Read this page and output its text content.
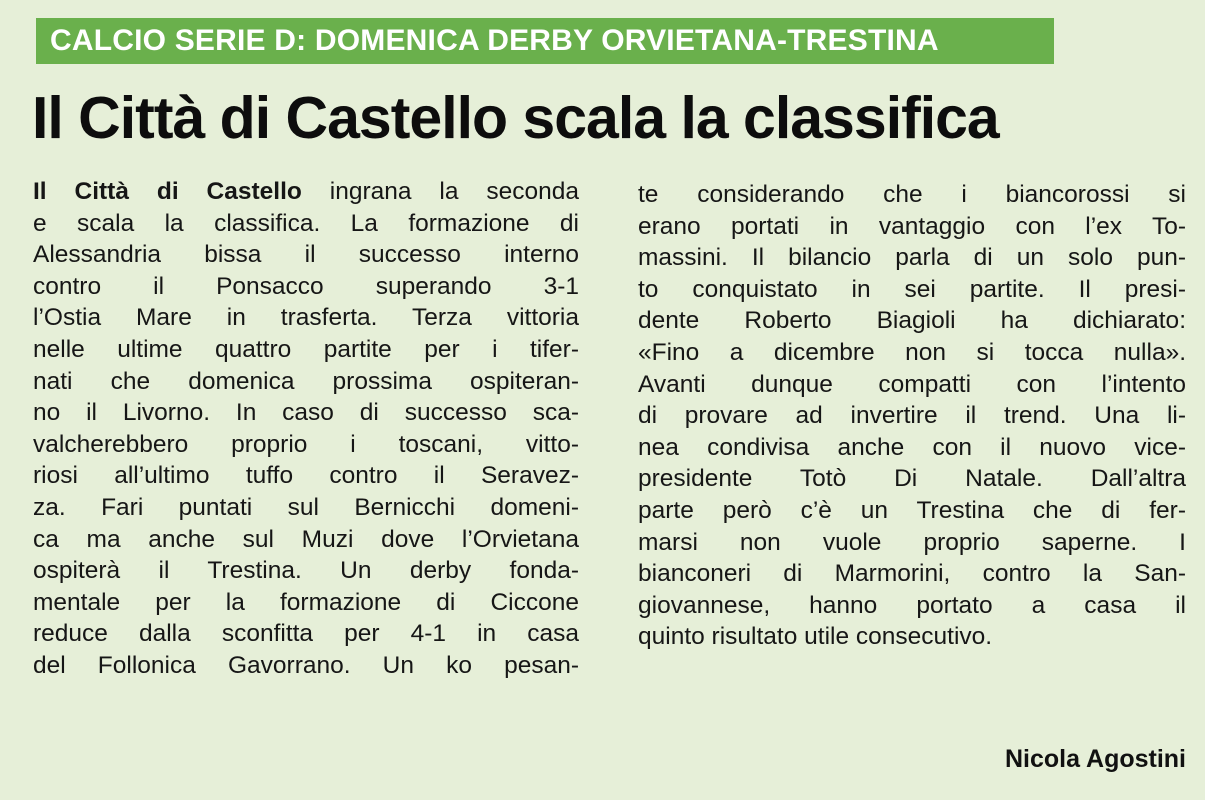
CALCIO SERIE D: DOMENICA DERBY ORVIETANA-TRESTINA
Il Città di Castello scala la classifica
Il Città di Castello ingrana la seconda
e scala la classifica. La formazione di
Alessandria bissa il successo interno
contro il Ponsacco superando 3-1
l’Ostia Mare in trasferta. Terza vittoria
nelle ultime quattro partite per i tifer-
nati che domenica prossima ospiteran-
no il Livorno. In caso di successo sca-
valcherebbero proprio i toscani, vitto-
riosi all’ultimo tuffo contro il Seravez-
za. Fari puntati sul Bernicchi domeni-
ca ma anche sul Muzi dove l’Orvietana
ospiterà il Trestina. Un derby fonda-
mentale per la formazione di Ciccone
reduce dalla sconfitta per 4-1 in casa
del Follonica Gavorrano. Un ko pesan-
te considerando che i biancorossi si
erano portati in vantaggio con l’ex To-
massini. Il bilancio parla di un solo pun-
to conquistato in sei partite. Il presi-
dente Roberto Biagioli ha dichiarato:
«Fino a dicembre non si tocca nulla».
Avanti dunque compatti con l’intento
di provare ad invertire il trend. Una li-
nea condivisa anche con il nuovo vice-
presidente Totò Di Natale. Dall’altra
parte però c’è un Trestina che di fer-
marsi non vuole proprio saperne. I
bianconeri di Marmorini, contro la San-
giovannese, hanno portato a casa il
quinto risultato utile consecutivo.
Nicola Agostini
